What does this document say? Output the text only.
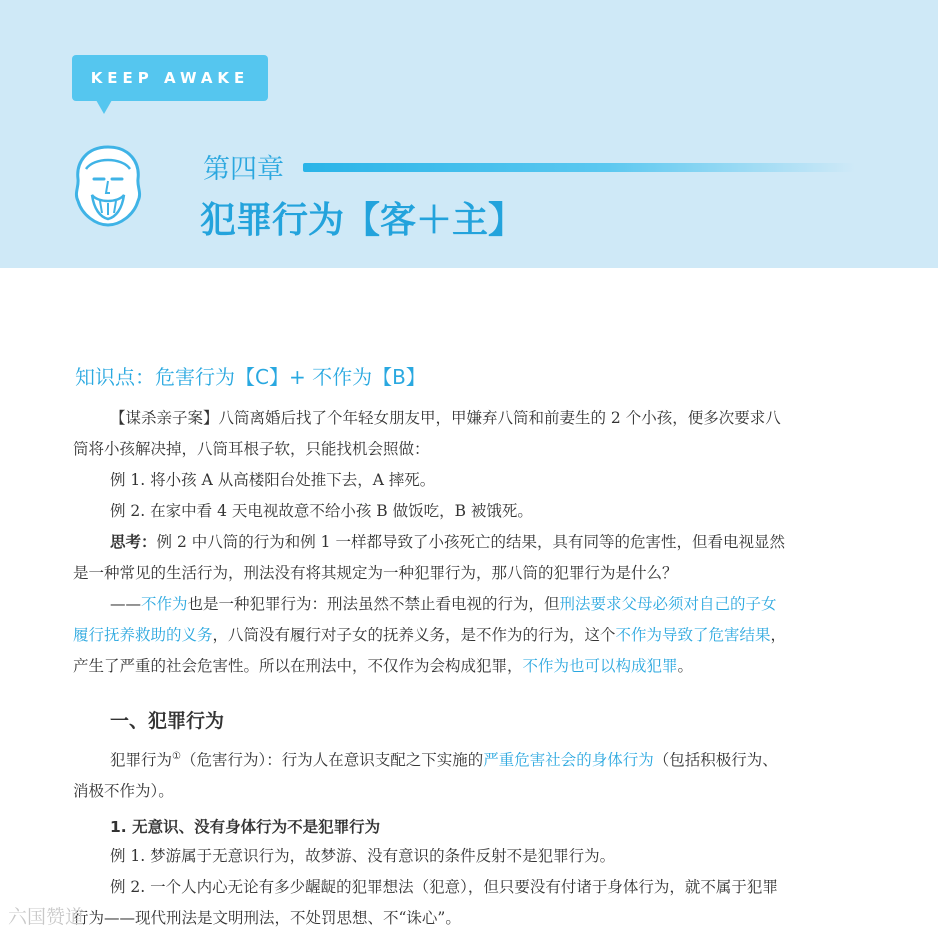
KEEP AWAKE
第四章
犯罪行为【客＋主】
知识点：危害行为【C】+ 不作为【B】
【谋杀亲子案】八筒离婚后找了个年轻女朋友甲，甲嫌弃八筒和前妻生的 2 个小孩，便多次要求八
筒将小孩解决掉，八筒耳根子软，只能找机会照做：
例 1. 将小孩 A 从高楼阳台处推下去，A 摔死。
例 2. 在家中看 4 天电视故意不给小孩 B 做饭吃，B 被饿死。
思考：例 2 中八筒的行为和例 1 一样都导致了小孩死亡的结果，具有同等的危害性，但看电视显然
是一种常见的生活行为，刑法没有将其规定为一种犯罪行为，那八筒的犯罪行为是什么？
——不作为也是一种犯罪行为：刑法虽然不禁止看电视的行为，但刑法要求父母必须对自己的子女
履行抚养救助的义务，八筒没有履行对子女的抚养义务，是不作为的行为，这个不作为导致了危害结果，
产生了严重的社会危害性。所以在刑法中，不仅作为会构成犯罪，不作为也可以构成犯罪。
一、犯罪行为
犯罪行为①（危害行为）：行为人在意识支配之下实施的严重危害社会的身体行为（包括积极行为、
消极不作为）。
1. 无意识、没有身体行为不是犯罪行为
例 1. 梦游属于无意识行为，故梦游、没有意识的条件反射不是犯罪行为。
例 2. 一个人内心无论有多少龌龊的犯罪想法（犯意），但只要没有付诸于身体行为，就不属于犯罪
行为——现代刑法是文明刑法，不处罚思想、不“诛心”。
六国赞道
